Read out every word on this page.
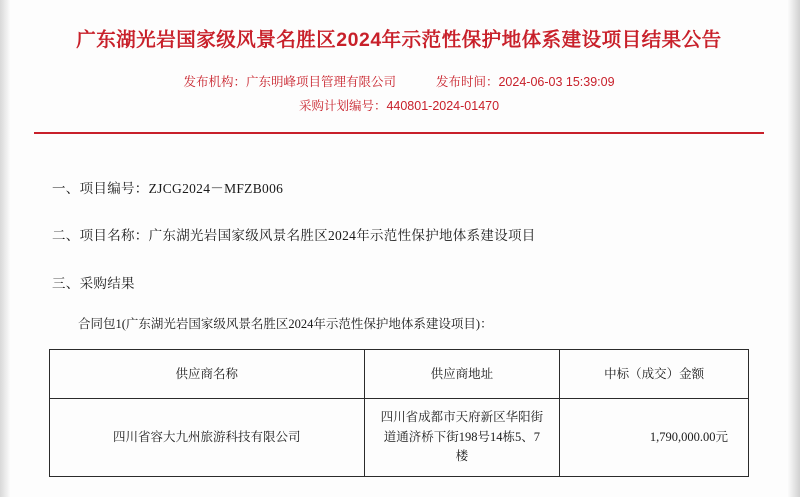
广东湖光岩国家级风景名胜区2024年示范性保护地体系建设项目结果公告
发布机构： 广东明峰项目管理有限公司	发布时间： 2024-06-03 15:39:09
采购计划编号： 440801-2024-01470
一、项目编号：ZJCG2024－MFZB006
二、项目名称：广东湖光岩国家级风景名胜区2024年示范性保护地体系建设项目
三、采购结果
合同包1(广东湖光岩国家级风景名胜区2024年示范性保护地体系建设项目)：
供应商名称	供应商地址	中标（成交）金额
四川省容大九州旅游科技有限公司	四川省成都市天府新区华阳街道通济桥下街198号14栋5、7楼	1,790,000.00元
